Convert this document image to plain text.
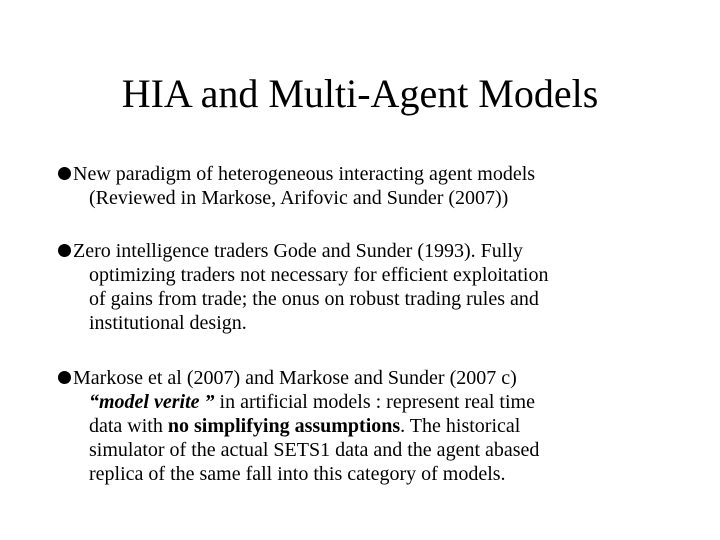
HIA and Multi-Agent Models
New paradigm of heterogeneous interacting agent models
(Reviewed in Markose, Arifovic and Sunder (2007))
Zero intelligence traders Gode and Sunder (1993). Fully
optimizing traders not necessary for efficient exploitation
of gains from trade; the onus on robust trading rules and
institutional design.
Markose et al (2007) and Markose and Sunder (2007 c)
“model verite ” in artificial models : represent real time
data with no simplifying assumptions. The historical
simulator of the actual SETS1 data and the agent abased
replica of the same fall into this category of models.
